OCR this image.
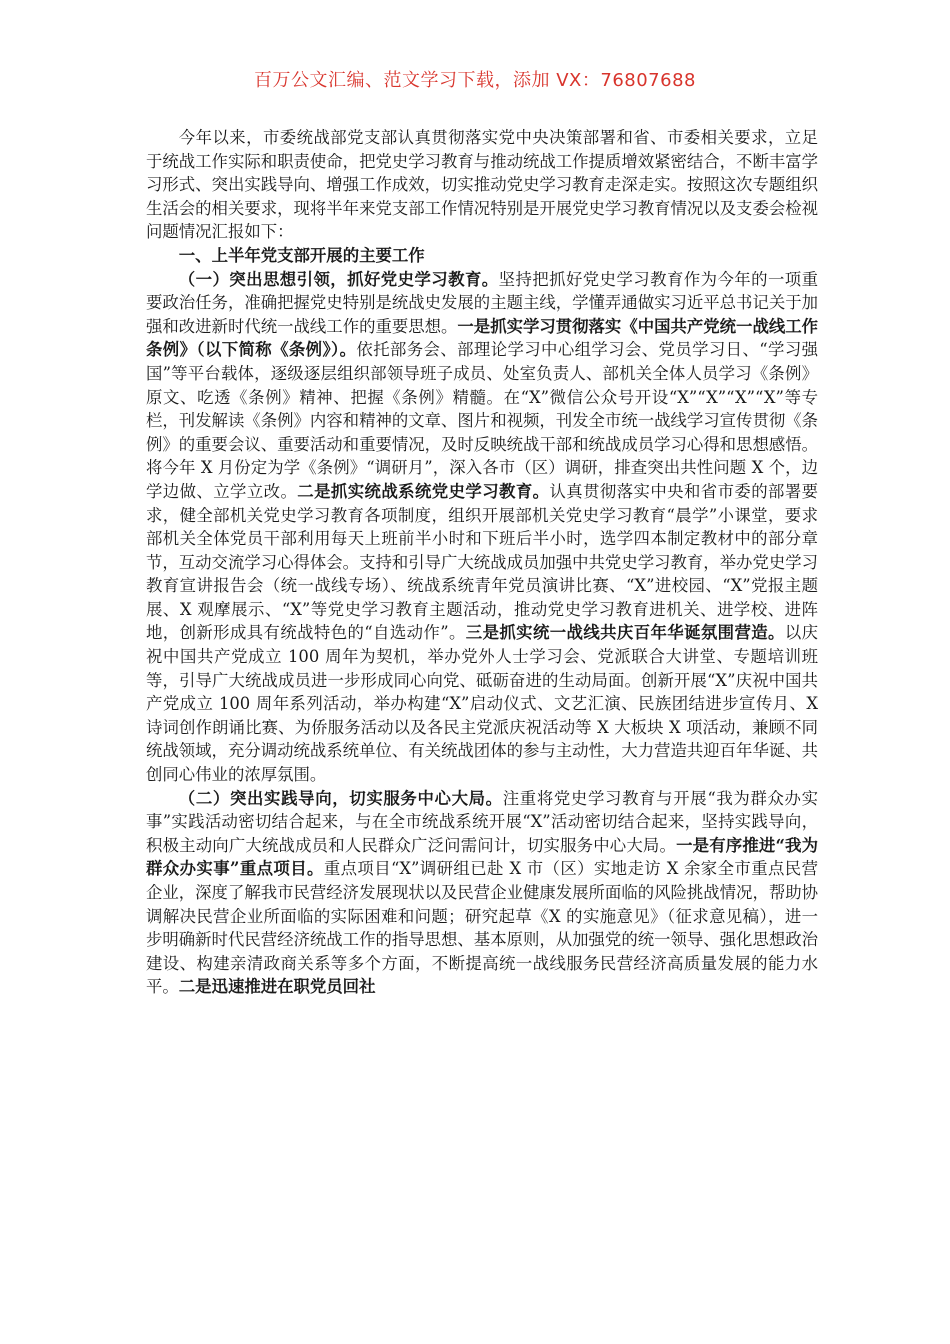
百万公文汇编、范文学习下载，添加 VX：76807688

今年以来，市委统战部党支部认真贯彻落实党中央决策部署和省、市委相关要求，立足于统战工作实际和职责使命，把党史学习教育与推动统战工作提质增效紧密结合，不断丰富学习形式、突出实践导向、增强工作成效，切实推动党史学习教育走深走实。按照这次专题组织生活会的相关要求，现将半年来党支部工作情况特别是开展党史学习教育情况以及支委会检视问题情况汇报如下：

一、上半年党支部开展的主要工作

（一）突出思想引领，抓好党史学习教育。坚持把抓好党史学习教育作为今年的一项重要政治任务，准确把握党史特别是统战史发展的主题主线，学懂弄通做实习近平总书记关于加强和改进新时代统一战线工作的重要思想。一是抓实学习贯彻落实《中国共产党统一战线工作条例》（以下简称《条例》）。依托部务会、部理论学习中心组学习会、党员学习日、“学习强国”等平台载体，逐级逐层组织部领导班子成员、处室负责人、部机关全体人员学习《条例》原文、吃透《条例》精神、把握《条例》精髓。在“X”微信公众号开设“X”“X”“X”“X”等专栏，刊发解读《条例》内容和精神的文章、图片和视频，刊发全市统一战线学习宣传贯彻《条例》的重要会议、重要活动和重要情况，及时反映统战干部和统战成员学习心得和思想感悟。将今年 X 月份定为学《条例》“调研月”，深入各市（区）调研，排查突出共性问题 X 个，边学边做、立学立改。二是抓实统战系统党史学习教育。认真贯彻落实中央和省市委的部署要求，健全部机关党史学习教育各项制度，组织开展部机关党史学习教育“晨学”小课堂，要求部机关全体党员干部利用每天上班前半小时和下班后半小时，选学四本制定教材中的部分章节，互动交流学习心得体会。支持和引导广大统战成员加强中共党史学习教育，举办党史学习教育宣讲报告会（统一战线专场）、统战系统青年党员演讲比赛、“X”进校园、“X”党报主题展、X 观摩展示、“X”等党史学习教育主题活动，推动党史学习教育进机关、进学校、进阵地，创新形成具有统战特色的“自选动作”。三是抓实统一战线共庆百年华诞氛围营造。以庆祝中国共产党成立 100 周年为契机，举办党外人士学习会、党派联合大讲堂、专题培训班等，引导广大统战成员进一步形成同心向党、砥砺奋进的生动局面。创新开展“X”庆祝中国共产党成立 100 周年系列活动，举办构建“X”启动仪式、文艺汇演、民族团结进步宣传月、X 诗词创作朗诵比赛、为侨服务活动以及各民主党派庆祝活动等 X 大板块 X 项活动，兼顾不同统战领域，充分调动统战系统单位、有关统战团体的参与主动性，大力营造共迎百年华诞、共创同心伟业的浓厚氛围。

（二）突出实践导向，切实服务中心大局。注重将党史学习教育与开展“我为群众办实事”实践活动密切结合起来，与在全市统战系统开展“X”活动密切结合起来，坚持实践导向，积极主动向广大统战成员和人民群众广泛问需问计，切实服务中心大局。一是有序推进“我为群众办实事”重点项目。重点项目“X”调研组已赴 X 市（区）实地走访 X 余家全市重点民营企业，深度了解我市民营经济发展现状以及民营企业健康发展所面临的风险挑战情况，帮助协调解决民营企业所面临的实际困难和问题；研究起草《X 的实施意见》（征求意见稿），进一步明确新时代民营经济统战工作的指导思想、基本原则，从加强党的统一领导、强化思想政治建设、构建亲清政商关系等多个方面，不断提高统一战线服务民营经济高质量发展的能力水平。二是迅速推进在职党员回社
